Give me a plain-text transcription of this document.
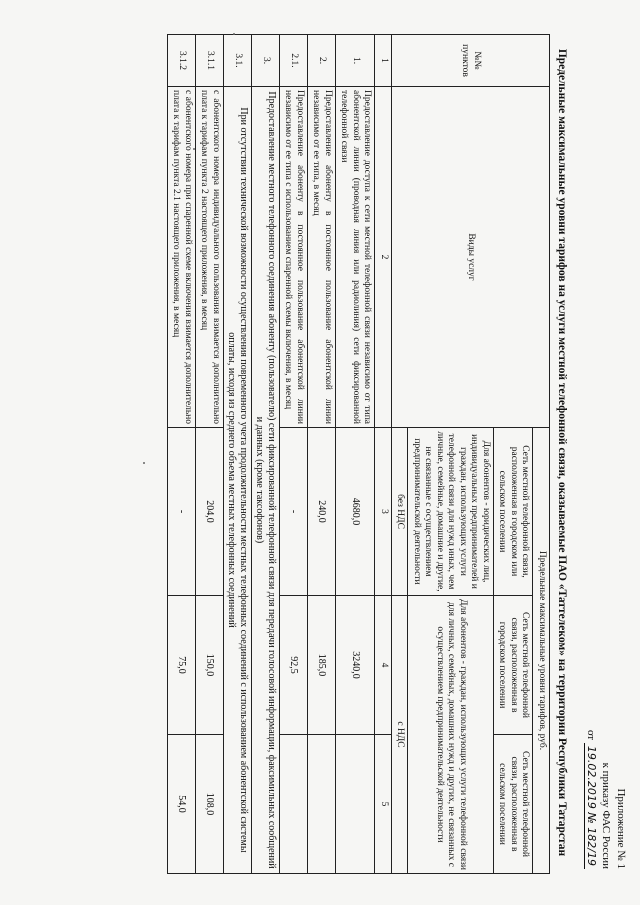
Приложение № 1
к приказу ФАС России
от 19.02.2019 № 182/19
Предельные максимальные уровни тарифов на услуги местной телефонной связи, оказываемые ПАО «Таттелеком» на территории Республики Татарстан
№№ пунктов	Виды услуг	Предельные максимальные уровни тарифов, руб.		
		Сеть местной телефонной связи, расположенная в городском или сельском поселении	Сеть местной телефонной связи, расположенная в городском поселении	Сеть местной телефонной связи, расположенная в сельском поселении
		Для абонентов - юридических лиц, индивидуальных предпринимателей и граждан, использующих услуги телефонной связи для нужд иных, чем личные, семейные, домашние и другие, не связанные с осуществлением предпринимательской деятельности	Для абонентов - граждан, использующих услуги телефонной связи для личных, семейных, домашних нужд и других, не связанных с осуществлением предпринимательской деятельности	
		без НДС	с НДС	
1	2	3	4	5
1.	Предоставление доступа к сети местной телефонной связи независимо от типа абонентской линии (проводная линия или радиолиния) сети фиксированной телефонной связи	4680,0	3240,0	
2.	Предоставление абоненту в постоянное пользование абонентской линии независимо от ее типа, в месяц	240,0	185,0	
2.1.	Предоставление абоненту в постоянное пользование абонентской линии независимо от ее типа с использованием спаренной схемы включения, в месяц	-	92,5	
3.	Предоставление местного телефонного соединения абоненту (пользователю) сети фиксированной телефонной связи для передачи голосовой информации, факсимильных сообщений и данных (кроме таксофонов)			
3.1.	При отсутствии технической возможности осуществления повременного учета продолжительности местных телефонных соединений с использованием абонентской системы оплаты, исходя из среднего объема местных телефонных соединений			
3.1.1	с абонентского номера индивидуального пользования взимается дополнительно плата к тарифам пункта 2 настоящего приложения, в месяц	204,0	150,0	108,0
3.1.2	с абонентского номера при спаренной схеме включения взимается дополнительно плата к тарифам пункта 2.1 настоящего приложения, в месяц	-	75,0	54,0
